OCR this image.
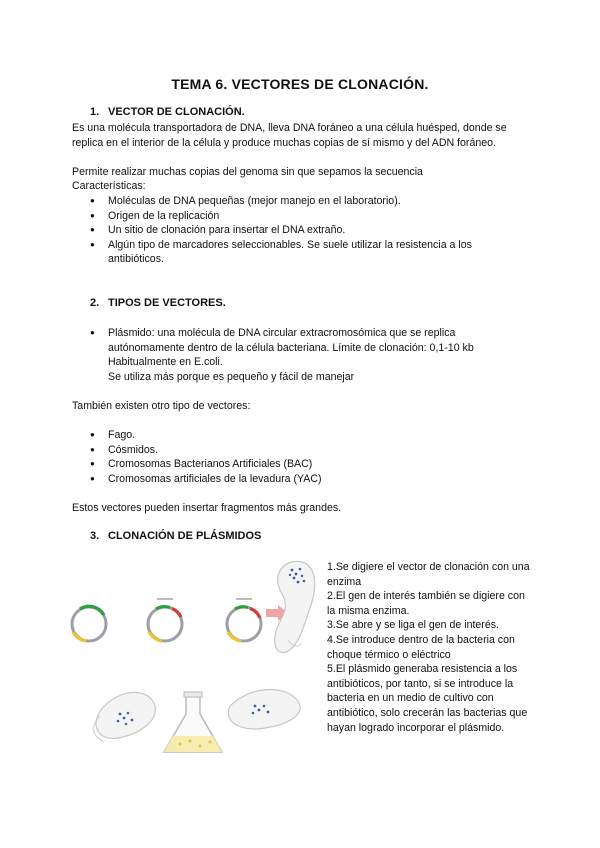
TEMA 6. VECTORES DE CLONACIÓN.
1. VECTOR DE CLONACIÓN.
Es una molécula transportadora de DNA, lleva DNA foráneo a una célula huésped, donde se replica en el interior de la célula y produce muchas copias de sí mismo y del ADN foráneo.
Permite realizar muchas copias del genoma sin que sepamos la secuencia
Características:
● Moléculas de DNA pequeñas (mejor manejo en el laboratorio).
● Origen de la replicación
● Un sitio de clonación para insertar el DNA extraño.
● Algún tipo de marcadores seleccionables. Se suele utilizar la resistencia a los antibióticos.
2. TIPOS DE VECTORES.
● Plásmido: una molécula de DNA circular extracromosómica que se replica autónomamente dentro de la célula bacteriana. Límite de clonación: 0,1-10 kb
Habitualmente en E.coli.
Se utiliza más porque es pequeño y fácil de manejar
También existen otro tipo de vectores:
● Fago.
● Cósmidos.
● Cromosomas Bacterianos Artificiales (BAC)
● Cromosomas artificiales de la levadura (YAC)
Estos vectores pueden insertar fragmentos más grandes.
3. CLONACIÓN DE PLÁSMIDOS
1.Se digiere el vector de clonación con una enzima
2.El gen de interés también se digiere con la misma enzima.
3.Se abre y se liga el gen de interés.
4.Se introduce dentro de la bacteria con choque térmico o eléctrico
5.El plásmido generaba resistencia a los antibióticos, por tanto, si se introduce la bacteria en un medio de cultivo con antibiótico, solo crecerán las bacterias que hayan logrado incorporar el plásmido.
